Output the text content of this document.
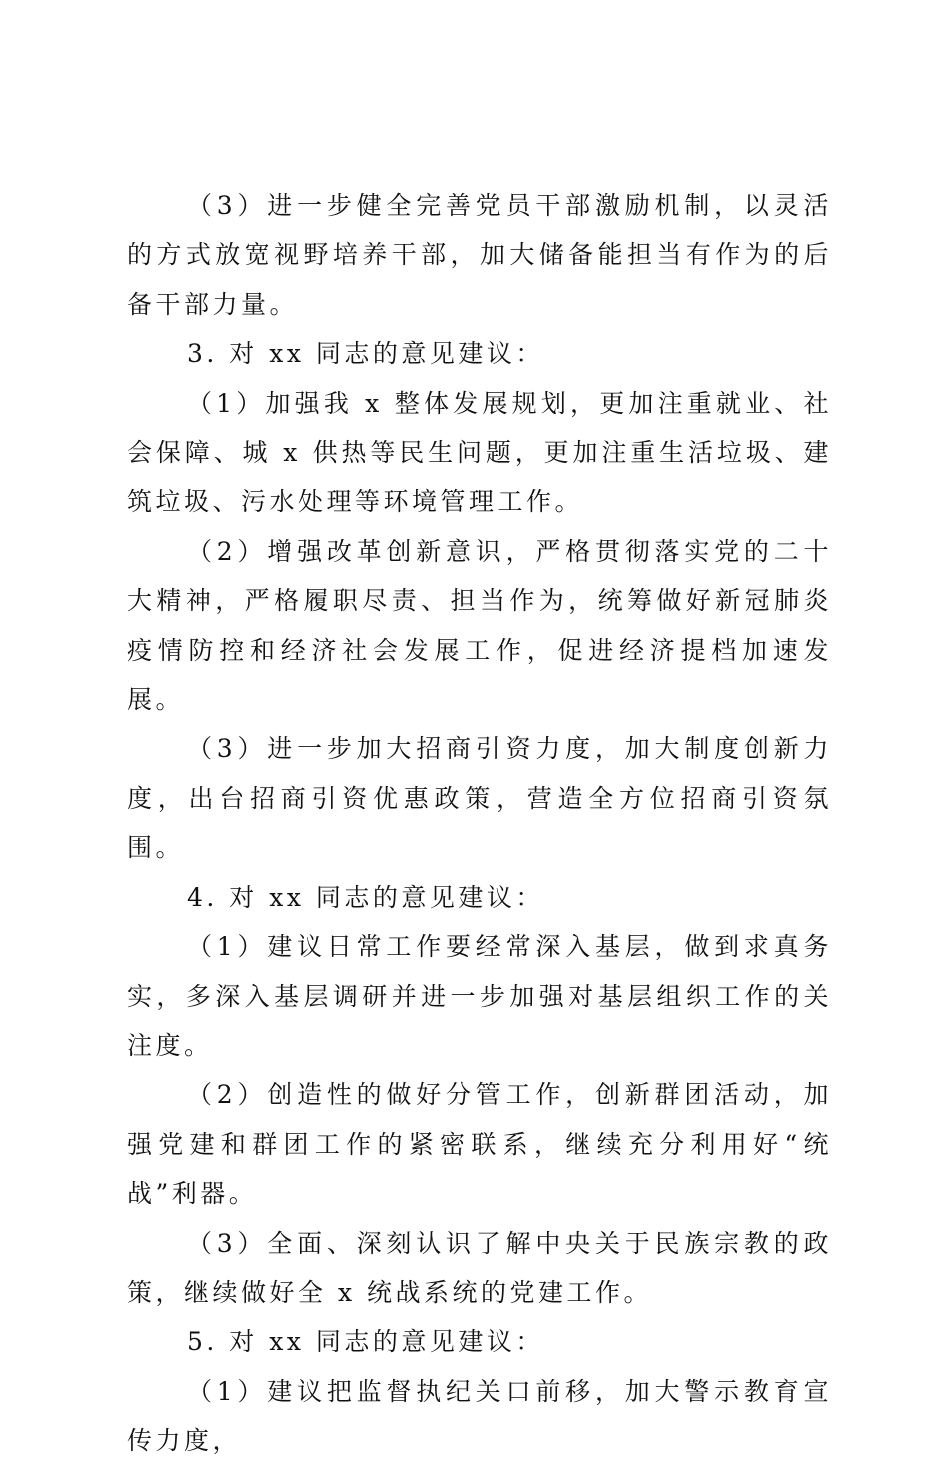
（3）进一步健全完善党员干部激励机制，以灵活的方式放宽视野培养干部，加大储备能担当有作为的后备干部力量。

3. 对 xx 同志的意见建议：

（1）加强我 x 整体发展规划，更加注重就业、社会保障、城 x 供热等民生问题，更加注重生活垃圾、建筑垃圾、污水处理等环境管理工作。

（2）增强改革创新意识，严格贯彻落实党的二十大精神，严格履职尽责、担当作为，统筹做好新冠肺炎疫情防控和经济社会发展工作，促进经济提档加速发展。

（3）进一步加大招商引资力度，加大制度创新力度，出台招商引资优惠政策，营造全方位招商引资氛围。

4. 对 xx 同志的意见建议：

（1）建议日常工作要经常深入基层，做到求真务实，多深入基层调研并进一步加强对基层组织工作的关注度。

（2）创造性的做好分管工作，创新群团活动，加强党建和群团工作的紧密联系，继续充分利用好“统战”利器。

（3）全面、深刻认识了解中央关于民族宗教的政策，继续做好全 x 统战系统的党建工作。

5. 对 xx 同志的意见建议：

（1）建议把监督执纪关口前移，加大警示教育宣传力度，
